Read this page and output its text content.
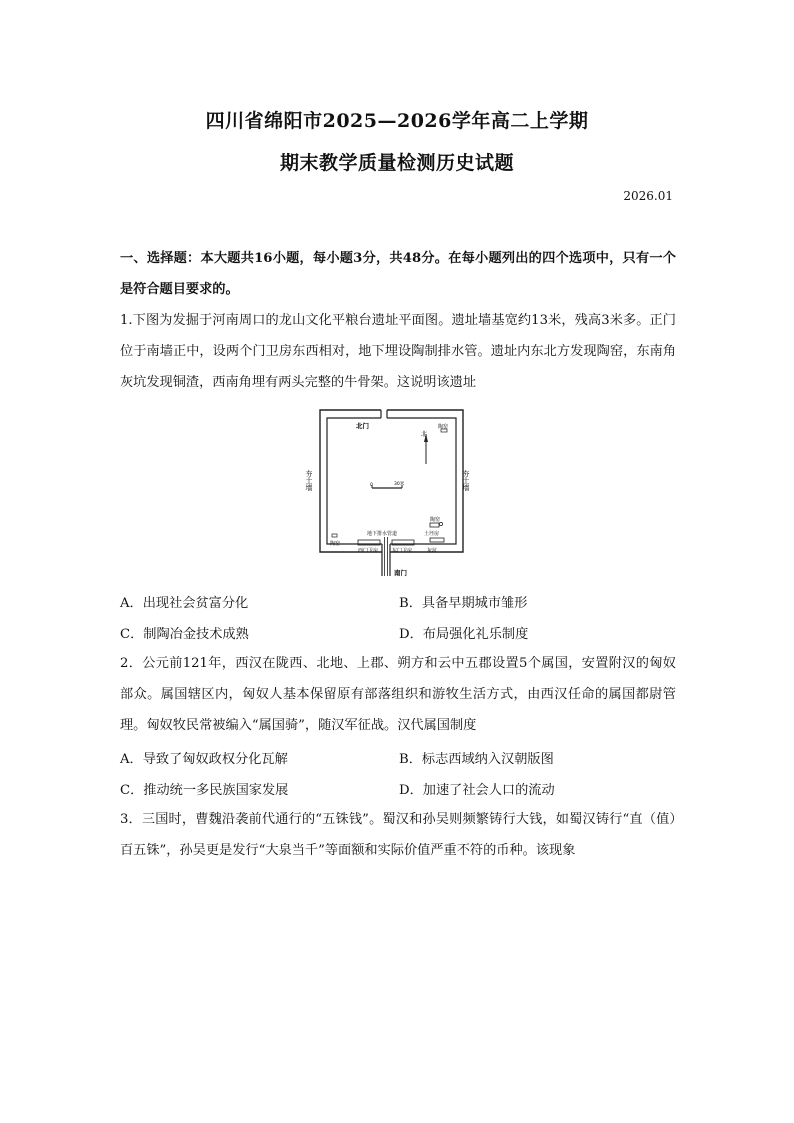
四川省绵阳市2025—2026学年高二上学期
期末教学质量检测历史试题
2026.01
一、选择题：本大题共16小题，每小题3分，共48分。在每小题列出的四个选项中，只有一个是符合题目要求的。
1.下图为发掘于河南周口的龙山文化平粮台遗址平面图。遗址墙基宽约13米，残高3米多。正门位于南墙正中，设两个门卫房东西相对，地下埋设陶制排水管。遗址内东北方发现陶窑，东南角灰坑发现铜渣，西南角埋有两头完整的牛骨架。这说明该遗址
北门
北
陶窑
夯土墙	夯土墙
0	30米
陶窑
土坯房
陶窑
地下排水管道
西门卫房	东门卫房	灰坑
南门
A．出现社会贫富分化	B．具备早期城市雏形
C．制陶冶金技术成熟	D．布局强化礼乐制度
2．公元前121年，西汉在陇西、北地、上郡、朔方和云中五郡设置5个属国，安置附汉的匈奴部众。属国辖区内，匈奴人基本保留原有部落组织和游牧生活方式，由西汉任命的属国都尉管理。匈奴牧民常被编入“属国骑”，随汉军征战。汉代属国制度
A．导致了匈奴政权分化瓦解	B．标志西域纳入汉朝版图
C．推动统一多民族国家发展	D．加速了社会人口的流动
3．三国时，曹魏沿袭前代通行的“五铢钱”。蜀汉和孙吴则频繁铸行大钱，如蜀汉铸行“直（值）百五铢”，孙吴更是发行“大泉当千”等面额和实际价值严重不符的币种。该现象
